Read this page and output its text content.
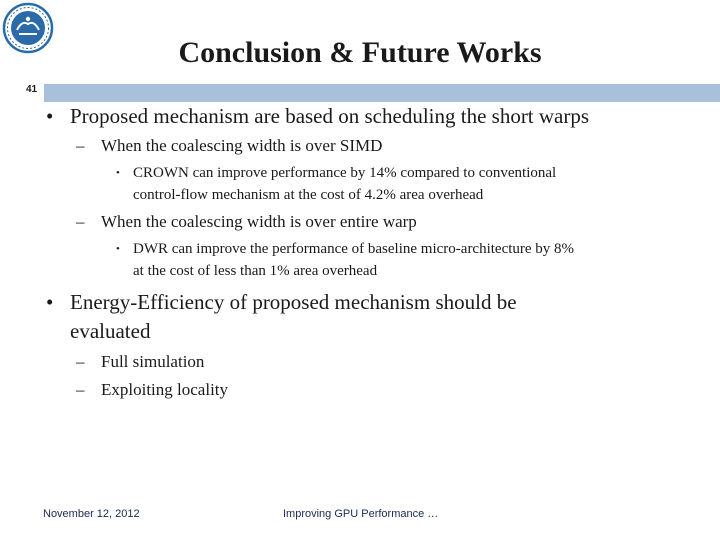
Conclusion & Future Works
41
• Proposed mechanism are based on scheduling the short warps
– When the coalescing width is over SIMD
• CROWN can improve performance by 14% compared to conventional
control-flow mechanism at the cost of 4.2% area overhead
– When the coalescing width is over entire warp
• DWR can improve the performance of baseline micro-architecture by 8%
at the cost of less than 1% area overhead
• Energy-Efficiency of proposed mechanism should be
evaluated
– Full simulation
– Exploiting locality
November 12, 2012	Improving GPU Performance …
